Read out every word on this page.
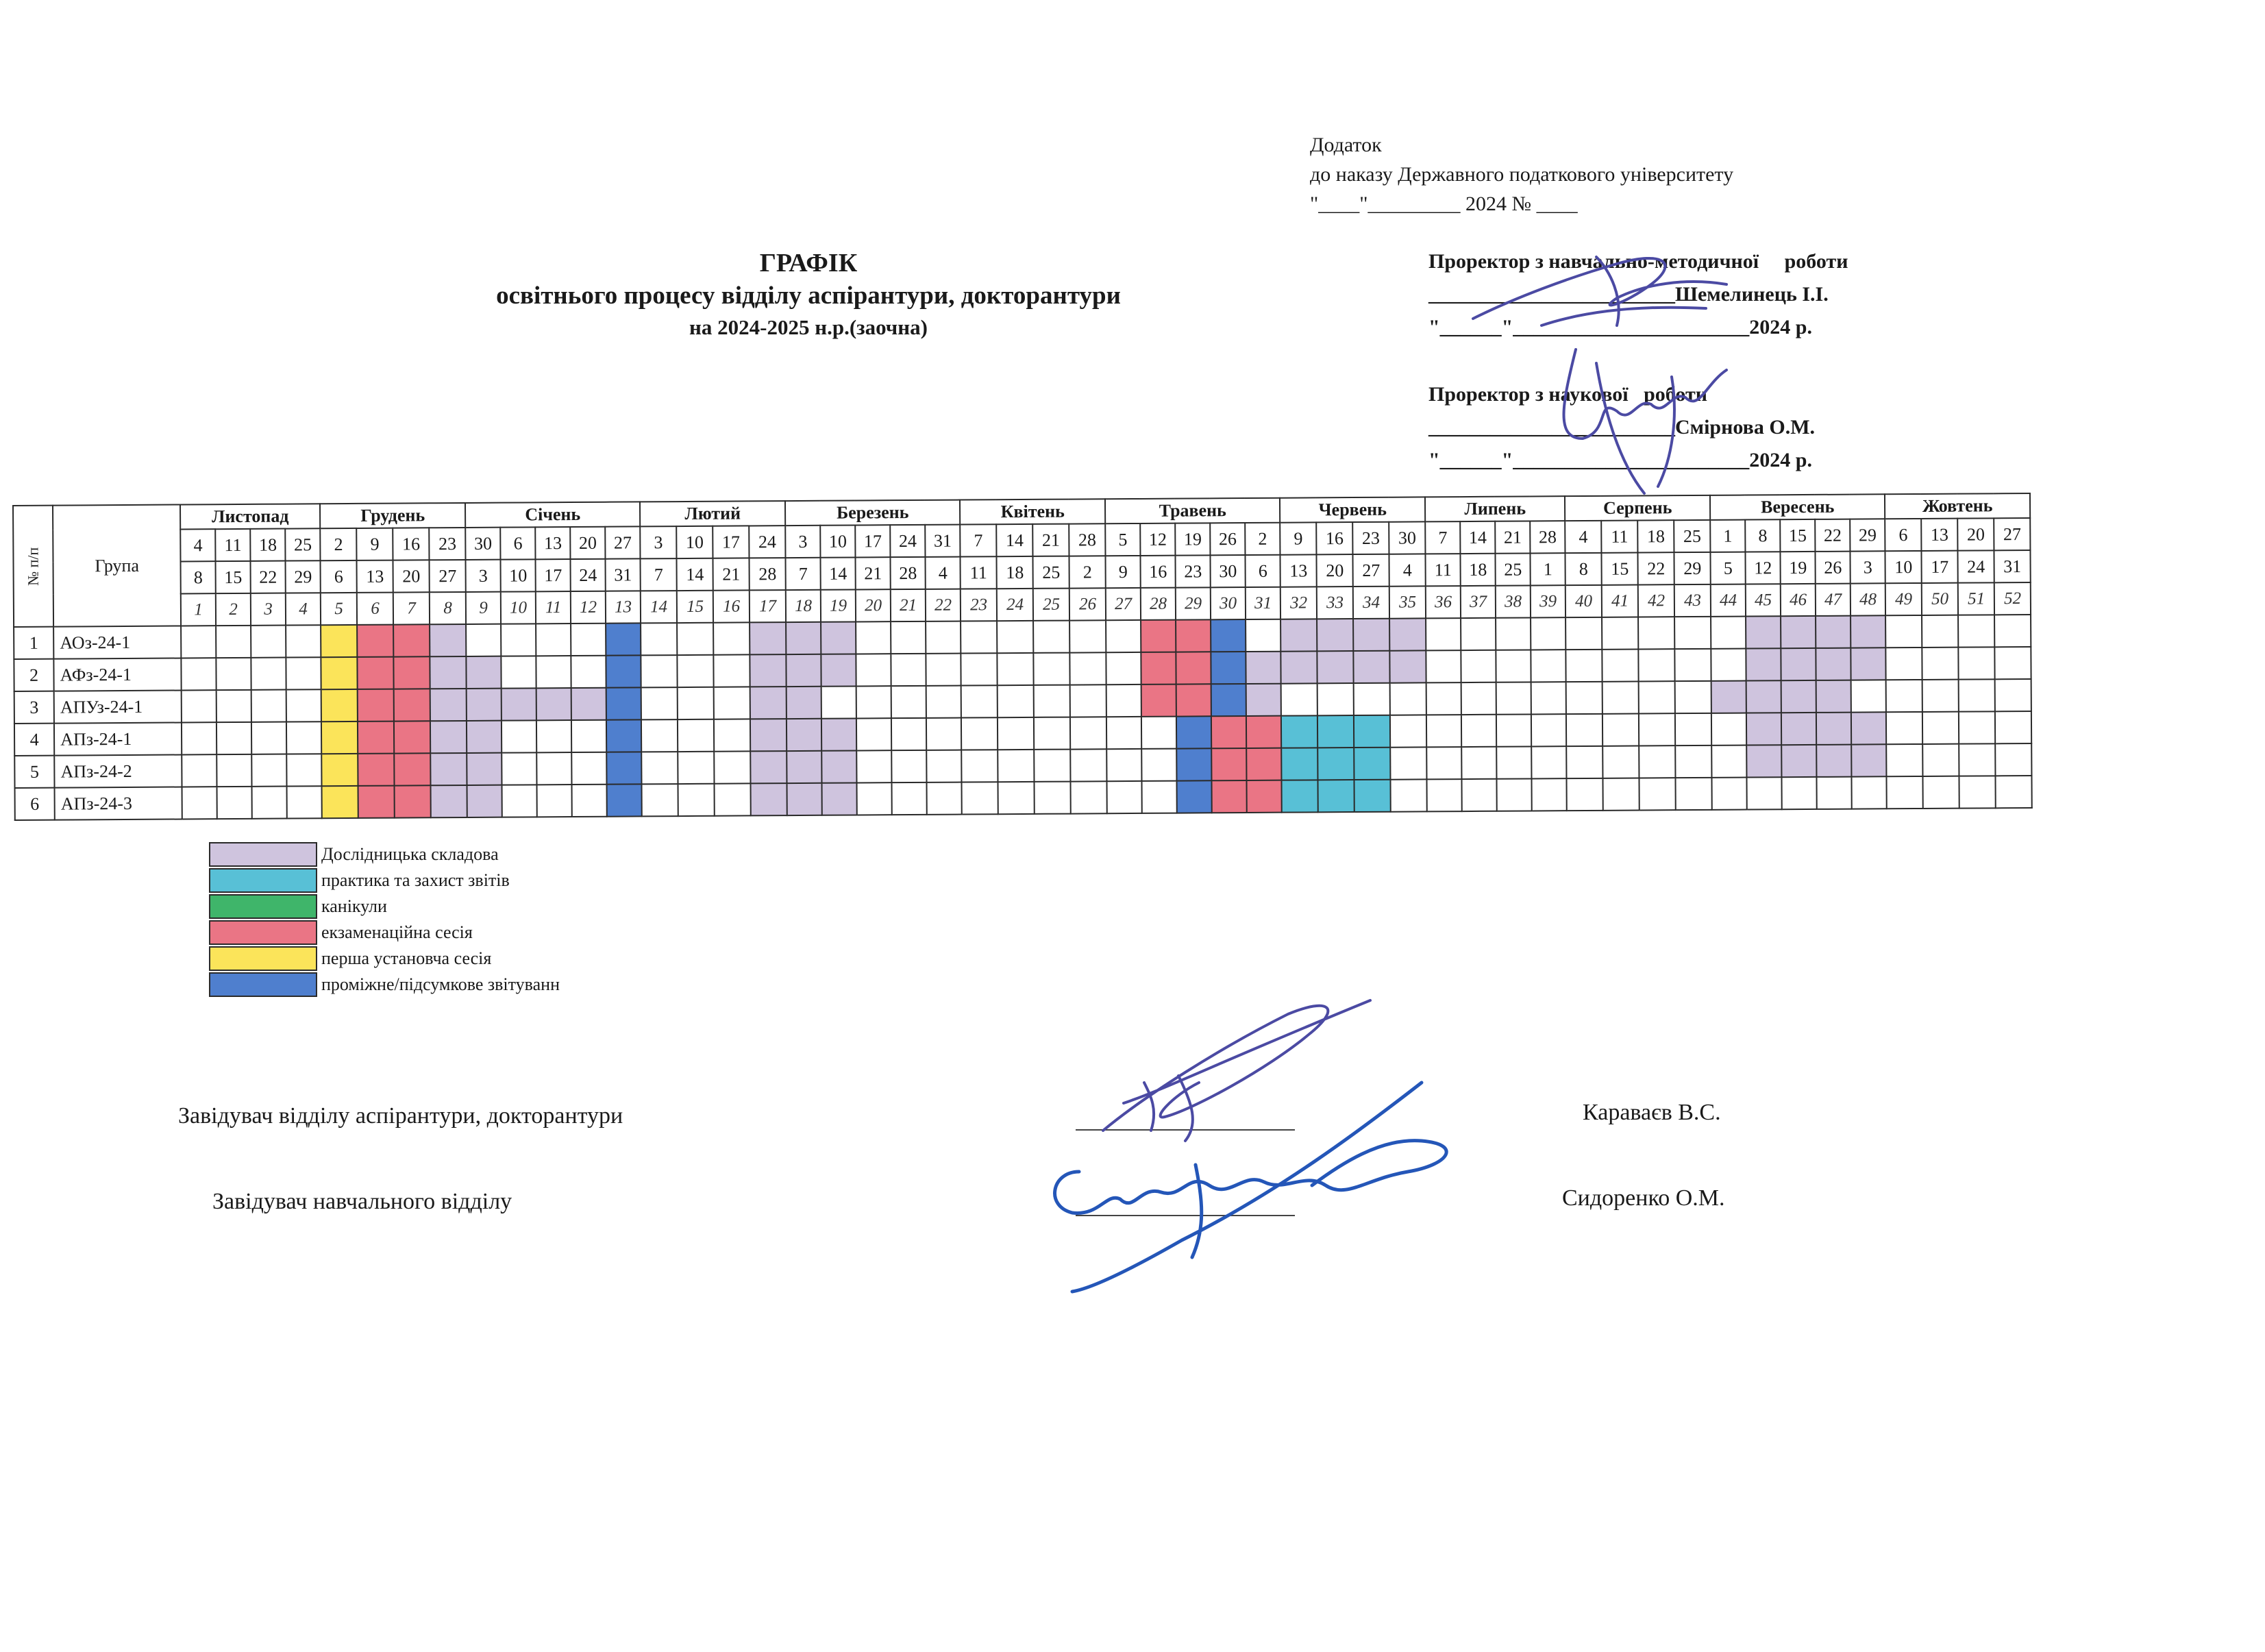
Додаток
до наказу Державного податкового університету
"____"_________ 2024 № ____
ГРАФІК
освітнього процесу відділу аспірантури, докторантури
на 2024-2025 н.р.(заочна)
Проректор з навчально-методичної     роботи
________________________Шемелинець І.І.
"______"_______________________2024 р.
Проректор з наукової   роботи
________________________Смірнова О.М.
"______"_______________________2024 р.
№ п/п	Група	Листопад				Грудень				Січень					Лютий				Березень					Квітень				Травень					Червень				Липень				Серпень				Вересень					Жовтень			
		4	11	18	25	2	9	16	23	30	6	13	20	27	3	10	17	24	3	10	17	24	31	7	14	21	28	5	12	19	26	2	9	16	23	30	7	14	21	28	4	11	18	25	1	8	15	22	29	6	13	20	27
		8	15	22	29	6	13	20	27	3	10	17	24	31	7	14	21	28	7	14	21	28	4	11	18	25	2	9	16	23	30	6	13	20	27	4	11	18	25	1	8	15	22	29	5	12	19	26	3	10	17	24	31
		1	2	3	4	5	6	7	8	9	10	11	12	13	14	15	16	17	18	19	20	21	22	23	24	25	26	27	28	29	30	31	32	33	34	35	36	37	38	39	40	41	42	43	44	45	46	47	48	49	50	51	52
1	АОз-24-1																																																				
2	АФз-24-1																																																				
3	АПУз-24-1																																																				
4	АПз-24-1																																																				
5	АПз-24-2																																																				
6	АПз-24-3																																																				
Дослідницька складова
практика та захист звітів
канікули
екзаменаційна сесія
перша установча сесія
проміжне/підсумкове звітуванн
Завідувач відділу аспірантури, докторантури	Караваєв В.С.
Завідувач навчального відділу	Сидоренко О.М.
